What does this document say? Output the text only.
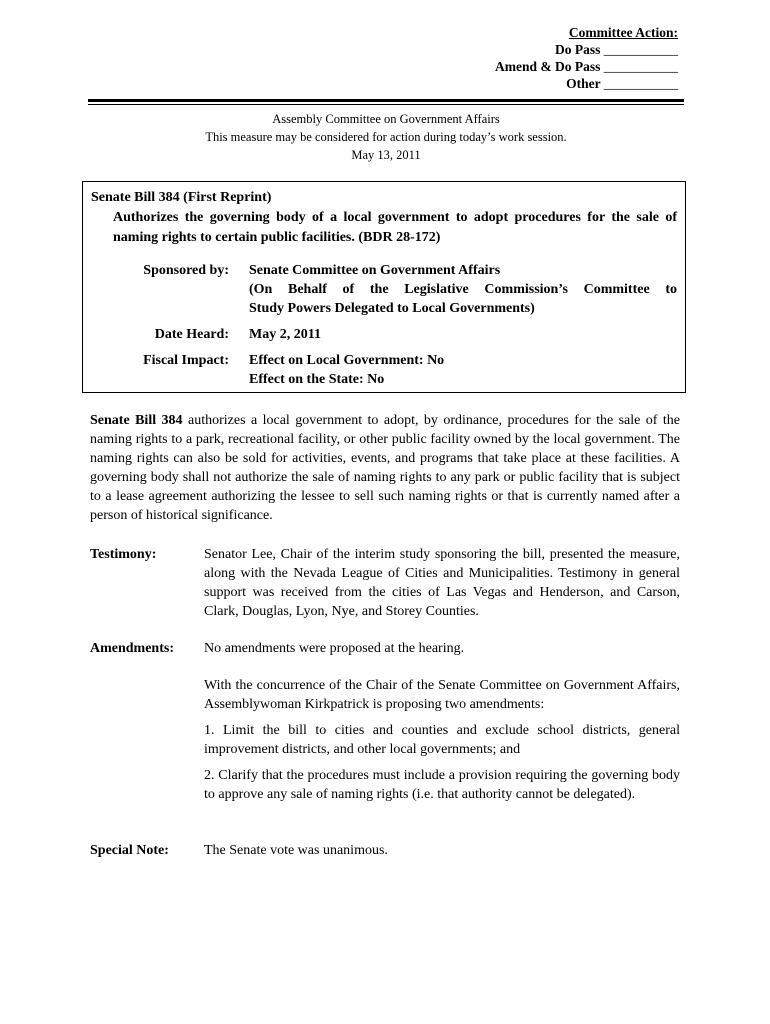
Committee Action:
Do Pass ___________
Amend & Do Pass ___________
Other ___________
Assembly Committee on Government Affairs
This measure may be considered for action during today’s work session.
May 13, 2011
Senate Bill 384 (First Reprint)
Authorizes the governing body of a local government to adopt procedures for the sale of naming rights to certain public facilities. (BDR 28-172)
Sponsored by: Senate Committee on Government Affairs
(On Behalf of the Legislative Commission’s Committee to
Study Powers Delegated to Local Governments)
Date Heard: May 2, 2011
Fiscal Impact: Effect on Local Government: No
Effect on the State: No
Senate Bill 384 authorizes a local government to adopt, by ordinance, procedures for the sale of the naming rights to a park, recreational facility, or other public facility owned by the local government. The naming rights can also be sold for activities, events, and programs that take place at these facilities. A governing body shall not authorize the sale of naming rights to any park or public facility that is subject to a lease agreement authorizing the lessee to sell such naming rights or that is currently named after a person of historical significance.
Testimony:	Senator Lee, Chair of the interim study sponsoring the bill, presented the measure, along with the Nevada League of Cities and Municipalities. Testimony in general support was received from the cities of Las Vegas and Henderson, and Carson, Clark, Douglas, Lyon, Nye, and Storey Counties.
Amendments: No amendments were proposed at the hearing.
With the concurrence of the Chair of the Senate Committee on Government Affairs, Assemblywoman Kirkpatrick is proposing two amendments:
1. Limit the bill to cities and counties and exclude school districts, general improvement districts, and other local governments; and
2. Clarify that the procedures must include a provision requiring the governing body to approve any sale of naming rights (i.e. that authority cannot be delegated).
Special Note:	The Senate vote was unanimous.
